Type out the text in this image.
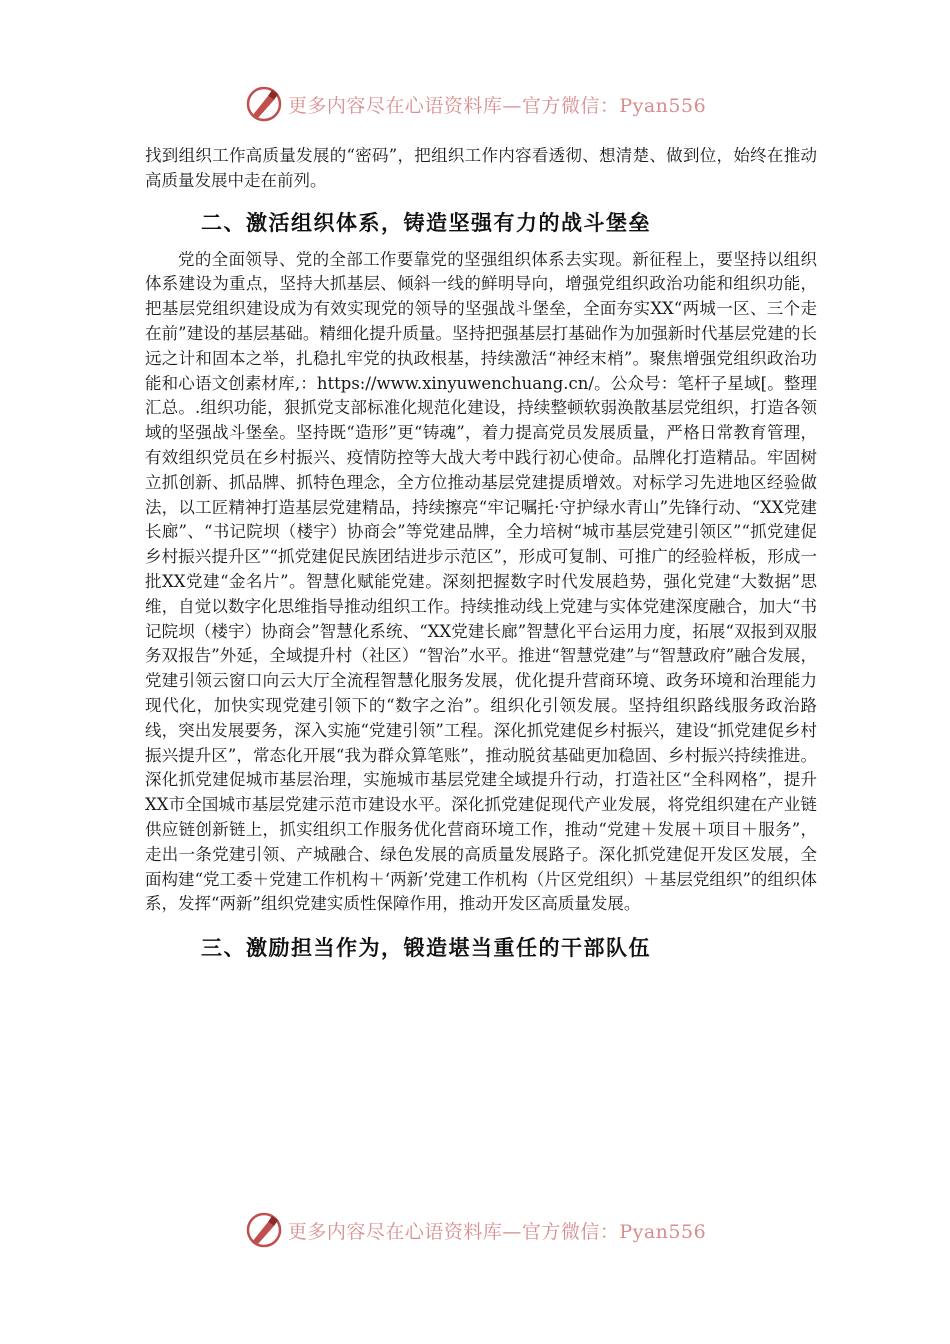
更多内容尽在心语资料库—官方微信：Pyan556

找到组织工作高质量发展的“密码”，把组织工作内容看透彻、想清楚、做到位，始终在推动高质量发展中走在前列。

二、激活组织体系，铸造坚强有力的战斗堡垒

党的全面领导、党的全部工作要靠党的坚强组织体系去实现。新征程上，要坚持以组织体系建设为重点，坚持大抓基层、倾斜一线的鲜明导向，增强党组织政治功能和组织功能，把基层党组织建设成为有效实现党的领导的坚强战斗堡垒，全面夯实XX“两城一区、三个走在前”建设的基层基础。精细化提升质量。坚持把强基层打基础作为加强新时代基层党建的长远之计和固本之举，扎稳扎牢党的执政根基，持续激活“神经末梢”。聚焦增强党组织政治功能和心语文创素材库,：https://www.xinyuwenchuang.cn/。公众号：笔杆子星域[。整理汇总。.组织功能，狠抓党支部标准化规范化建设，持续整顿软弱涣散基层党组织，打造各领域的坚强战斗堡垒。坚持既“造形”更“铸魂”，着力提高党员发展质量，严格日常教育管理，有效组织党员在乡村振兴、疫情防控等大战大考中践行初心使命。品牌化打造精品。牢固树立抓创新、抓品牌、抓特色理念，全方位推动基层党建提质增效。对标学习先进地区经验做法，以工匠精神打造基层党建精品，持续擦亮“牢记嘱托·守护绿水青山”先锋行动、“XX党建长廊”、“书记院坝（楼宇）协商会”等党建品牌，全力培树“城市基层党建引领区”“抓党建促乡村振兴提升区”“抓党建促民族团结进步示范区”，形成可复制、可推广的经验样板，形成一批XX党建“金名片”。智慧化赋能党建。深刻把握数字时代发展趋势，强化党建“大数据”思维，自觉以数字化思维指导推动组织工作。持续推动线上党建与实体党建深度融合，加大“书记院坝（楼宇）协商会”智慧化系统、“XX党建长廊”智慧化平台运用力度，拓展“双报到双服务双报告”外延，全域提升村（社区）“智治”水平。推进“智慧党建”与“智慧政府”融合发展，党建引领云窗口向云大厅全流程智慧化服务发展，优化提升营商环境、政务环境和治理能力现代化，加快实现党建引领下的“数字之治”。组织化引领发展。坚持组织路线服务政治路线，突出发展要务，深入实施“党建引领”工程。深化抓党建促乡村振兴，建设“抓党建促乡村振兴提升区”，常态化开展“我为群众算笔账”，推动脱贫基础更加稳固、乡村振兴持续推进。深化抓党建促城市基层治理，实施城市基层党建全域提升行动，打造社区“全科网格”，提升XX市全国城市基层党建示范市建设水平。深化抓党建促现代产业发展，将党组织建在产业链供应链创新链上，抓实组织工作服务优化营商环境工作，推动“党建＋发展＋项目＋服务”，走出一条党建引领、产城融合、绿色发展的高质量发展路子。深化抓党建促开发区发展，全面构建“党工委＋党建工作机构＋‘两新’党建工作机构（片区党组织）＋基层党组织”的组织体系，发挥“两新”组织党建实质性保障作用，推动开发区高质量发展。

三、激励担当作为，锻造堪当重任的干部队伍
更多内容尽在心语资料库—官方微信：Pyan556
